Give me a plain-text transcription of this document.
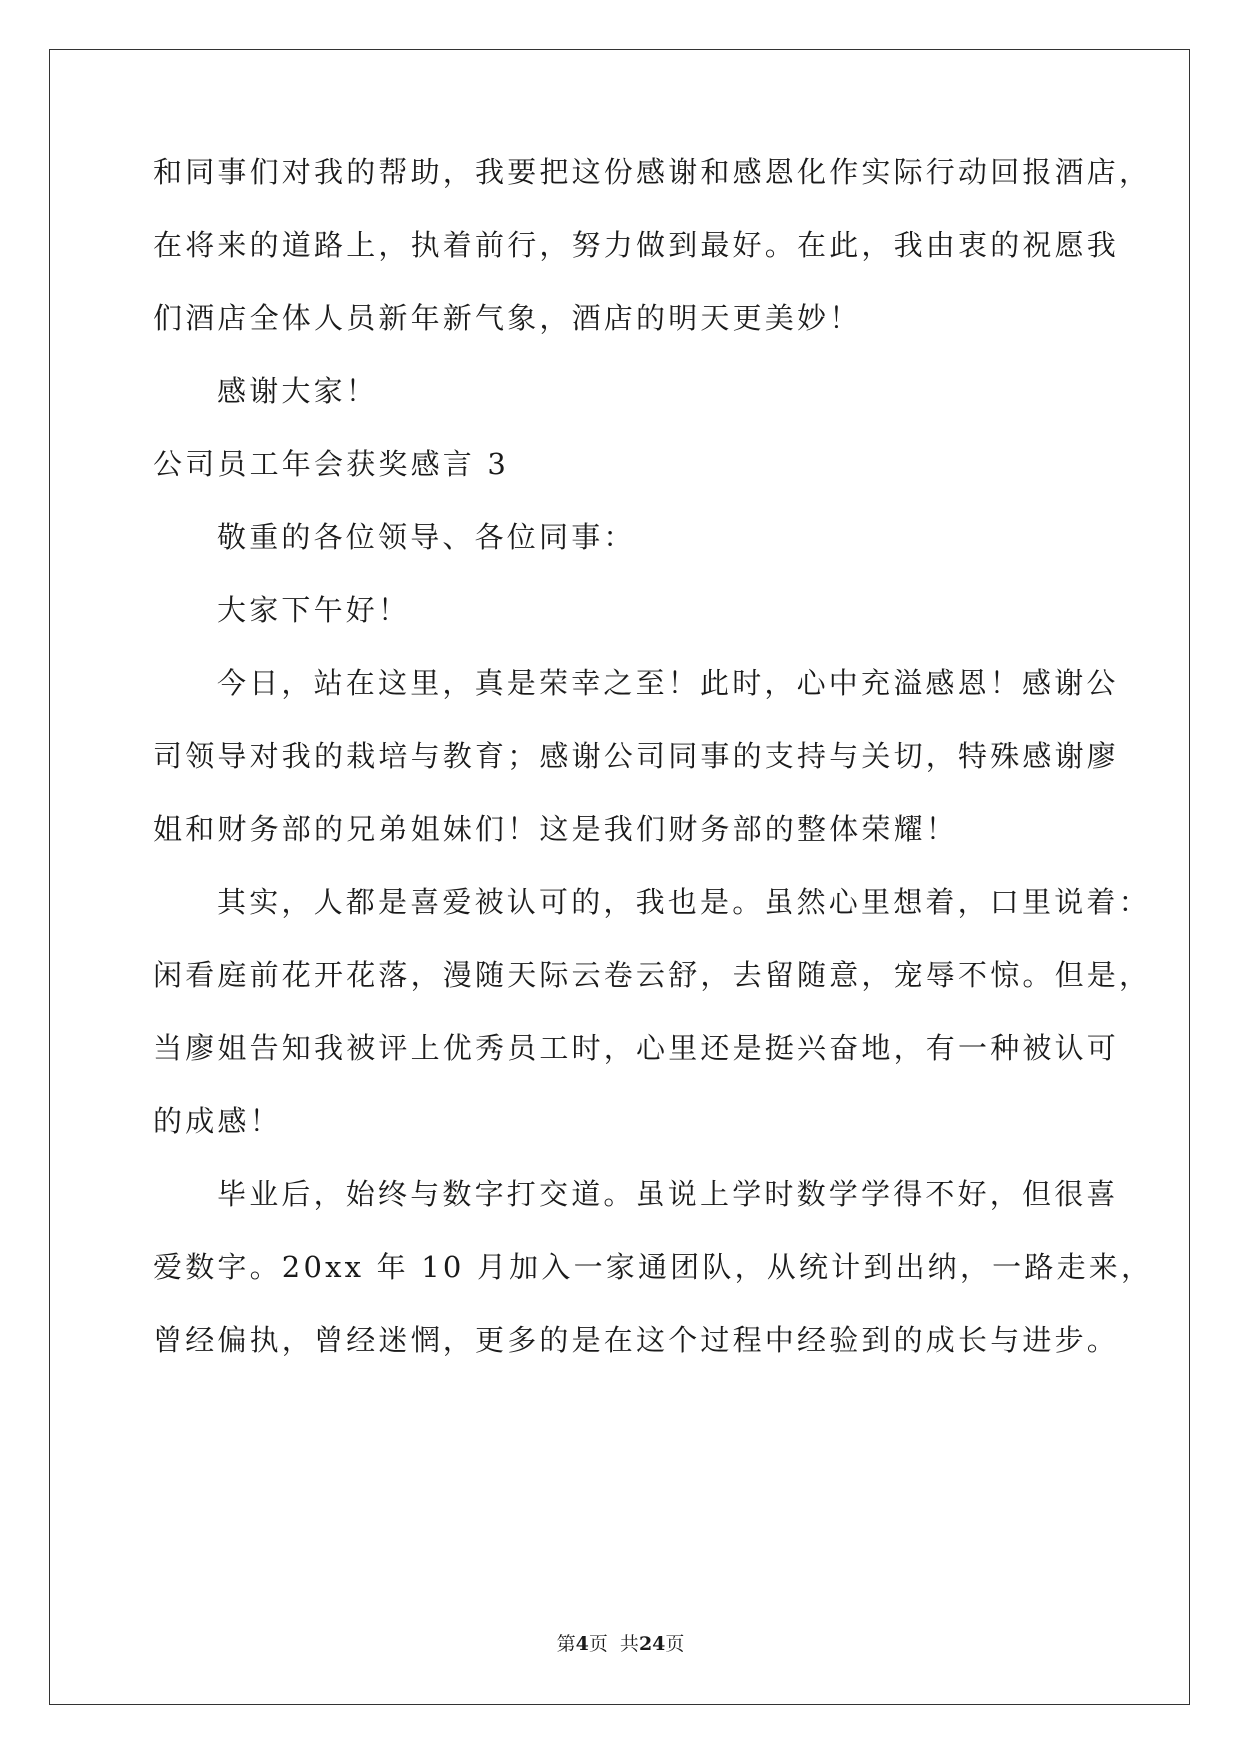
和同事们对我的帮助，我要把这份感谢和感恩化作实际行动回报酒店，
在将来的道路上，执着前行，努力做到最好。在此，我由衷的祝愿我
们酒店全体人员新年新气象，酒店的明天更美妙！
感谢大家！
公司员工年会获奖感言 3
敬重的各位领导、各位同事：
大家下午好！
今日，站在这里，真是荣幸之至！此时，心中充溢感恩！感谢公
司领导对我的栽培与教育；感谢公司同事的支持与关切，特殊感谢廖
姐和财务部的兄弟姐妹们！这是我们财务部的整体荣耀！
其实，人都是喜爱被认可的，我也是。虽然心里想着，口里说着：
闲看庭前花开花落，漫随天际云卷云舒，去留随意，宠辱不惊。但是，
当廖姐告知我被评上优秀员工时，心里还是挺兴奋地，有一种被认可
的成感！
毕业后，始终与数字打交道。虽说上学时数学学得不好，但很喜
爱数字。20xx 年 10 月加入一家通团队，从统计到出纳，一路走来，
曾经偏执，曾经迷惘，更多的是在这个过程中经验到的成长与进步。
第4页  共24页
